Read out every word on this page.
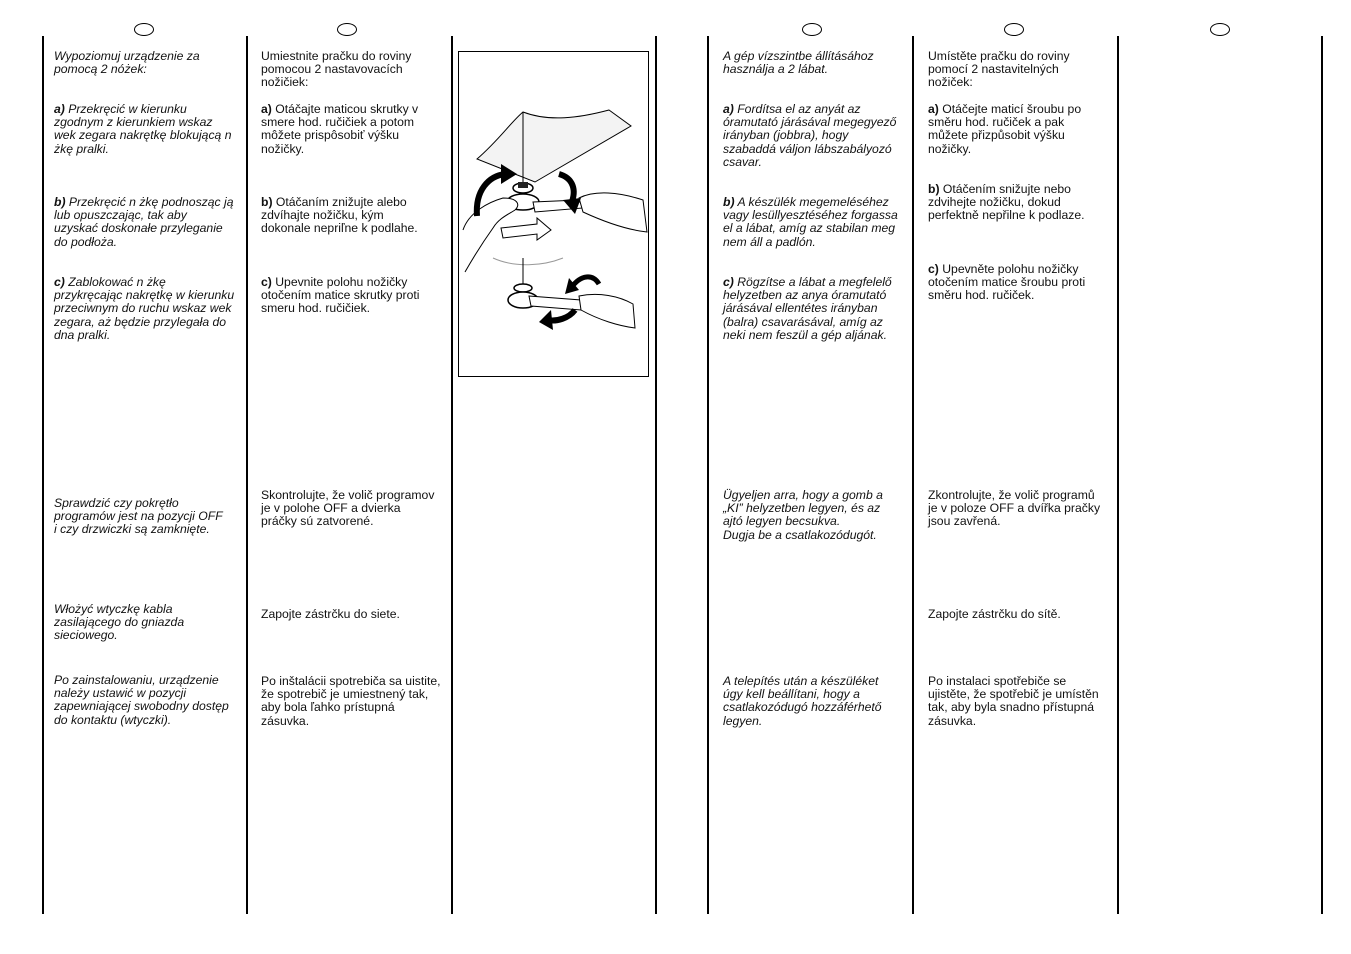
Wypoziomuj urządzenie za pomocą 2 nóżek:
a) Przekręcić w kierunku zgodnym z kierunkiem wskaz wek zegara nakrętkę blokującą n żkę pralki.
b) Przekręcić n żkę podnosząc ją lub opuszczając, tak aby uzyskać doskonałe przyleganie do podłoża.
c) Zablokować n żkę przykręcając nakrętkę w kierunku przeciwnym do ruchu wskaz wek zegara, aż będzie przylegała do dna pralki.
Sprawdzić czy pokrętło programów jest na pozycji OFF i czy drzwiczki są zamknięte.
Włożyć wtyczkę kabla zasilającego do gniazda sieciowego.
Po zainstalowaniu, urządzenie należy ustawić w pozycji zapewniającej swobodny dostęp do kontaktu (wtyczki).
Umiestnite pračku do roviny pomocou 2 nastavovacích nožičiek:
a) Otáčajte maticou skrutky v smere hod. ručičiek a potom môžete prispôsobiť výšku nožičky.
b) Otáčaním znižujte alebo zdvíhajte nožičku, kým dokonale nepriľne k podlahe.
c) Upevnite polohu nožičky otočením matice skrutky proti smeru hod. ručičiek.
Skontrolujte, že volič programov je v polohe OFF a dvierka práčky sú zatvorené.
Zapojte zástrčku do siete.
Po inštalácii spotrebiča sa uistite, že spotrebič je umiestnený tak, aby bola ľahko prístupná zásuvka.
A gép vízszintbe állításához használja a 2 lábat.
a) Fordítsa el az anyát az óramutató járásával megegyező irányban (jobbra), hogy szabaddá váljon lábszabályozó csavar.
b) A készülék megemeléséhez vagy lesüllyesztéséhez forgassa el a lábat, amíg az stabilan meg nem áll a padlón.
c) Rögzítse a lábat a megfelelő helyzetben az anya óramutató járásával ellentétes irányban (balra) csavarásával, amíg az neki nem feszül a gép aljának.
Ügyeljen arra, hogy a gomb a „KI” helyzetben legyen, és az ajtó legyen becsukva.
Dugja be a csatlakozódugót.
A telepítés után a készüléket úgy kell beállítani, hogy a csatlakozódugó hozzáférhető legyen.
Umístěte pračku do roviny pomocí 2 nastavitelných nožiček:
a) Otáčejte maticí šroubu po směru hod. ručiček a pak můžete přizpůsobit výšku nožičky.
b) Otáčením snižujte nebo zdvihejte nožičku, dokud perfektně nepřilne k podlaze.
c) Upevněte polohu nožičky otočením matice šroubu proti směru hod. ručiček.
Zkontrolujte, že volič programů je v poloze OFF a dvířka pračky jsou zavřená.
Zapojte zástrčku do sítě.
Po instalaci spotřebiče se ujistěte, že spotřebič je umístěn tak, aby byla snadno přístupná zásuvka.
